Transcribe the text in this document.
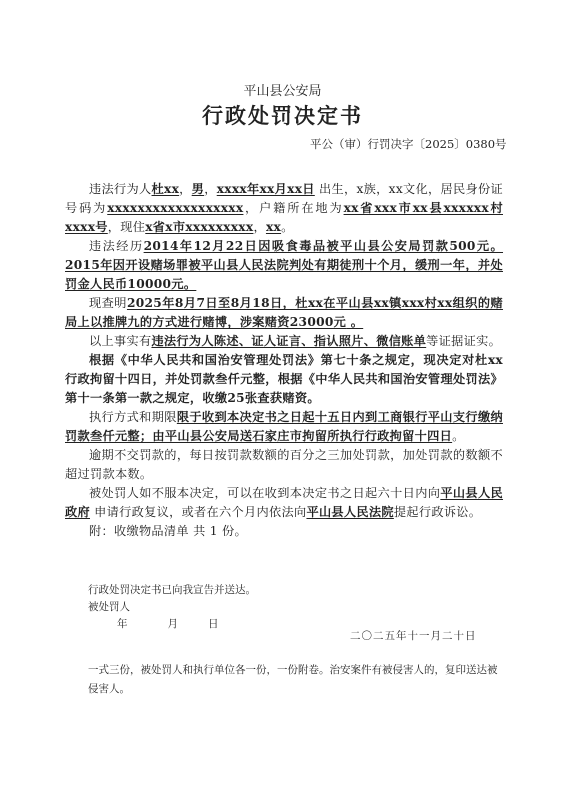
平山县公安局
行政处罚决定书
平公（审）行罚决字〔2025〕0380号

违法行为人杜xx，男，xxxx年xx月xx日 出生，x族，xx文化，居民身份证号码为xxxxxxxxxxxxxxxxxx，户籍所在地为xx省xxx市xx县xxxxxx村xxxx号，现住x省x市xxxxxxxxx，xx。

违法经历2014年12月22日因吸食毒品被平山县公安局罚款500元。2015年因开设赌场罪被平山县人民法院判处有期徒刑十个月，缓刑一年，并处罚金人民币10000元。

现查明2025年8月7日至8月18日，杜xx在平山县xx镇xxx村xx组织的赌局上以推牌九的方式进行赌博，涉案赌资23000元 。

以上事实有违法行为人陈述、证人证言、指认照片、微信账单等证据证实。

根据《中华人民共和国治安管理处罚法》第七十条之规定，现决定对杜xx行政拘留十四日，并处罚款叁仟元整，根据《中华人民共和国治安管理处罚法》第十一条第一款之规定，收缴25张查获赌资。

执行方式和期限限于收到本决定书之日起十五日内到工商银行平山支行缴纳罚款叁仟元整；由平山县公安局送石家庄市拘留所执行行政拘留十四日。

逾期不交罚款的，每日按罚款数额的百分之三加处罚款，加处罚款的数额不超过罚款本数。

被处罚人如不服本决定，可以在收到本决定书之日起六十日内向平山县人民政府 申请行政复议，或者在六个月内依法向平山县人民法院提起行政诉讼。

附：收缴物品清单 共 1 份。

行政处罚决定书已向我宣告并送达。
被处罚人
年	月	日
二〇二五年十一月二十日
一式三份，被处罚人和执行单位各一份，一份附卷。治安案件有被侵害人的，复印送达被侵害人。
